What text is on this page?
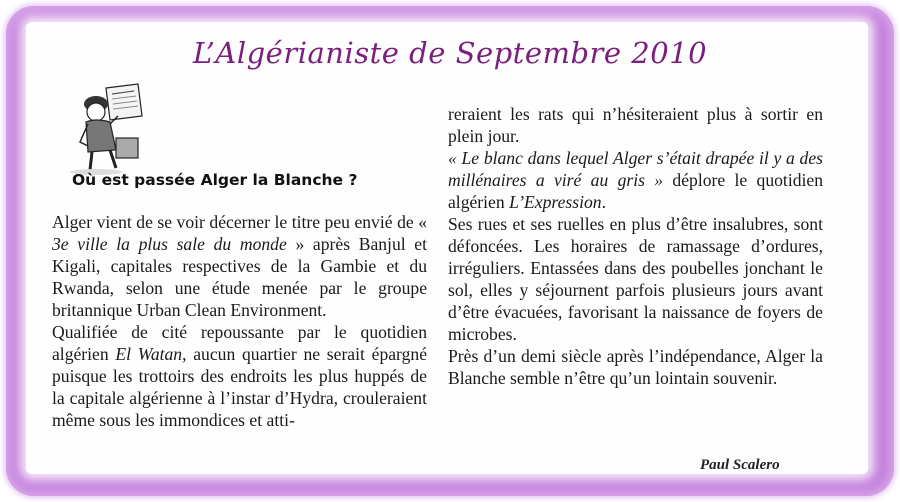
L’Algérianiste de Septembre 2010
Où est passée Alger la Blanche ?

Alger vient de se voir décerner le titre peu envié de « 3e ville la plus sale du monde » après Banjul et Kigali, capitales respectives de la Gambie et du Rwanda, selon une étude menée par le groupe britannique Urban Clean Environment.

Qualifiée de cité repoussante par le quotidien algérien El Watan, aucun quartier ne serait épargné puisque les trottoirs des endroits les plus huppés de la capitale algérienne à l’instar d’Hydra, crouleraient même sous les immondices et atti-

reraient les rats qui n’hésiteraient plus à sortir en plein jour.

« Le blanc dans lequel Alger s’était drapée il y a des millénaires a viré au gris » déplore le quotidien algérien L’Expression.

Ses rues et ses ruelles en plus d’être insalubres, sont défoncées. Les horaires de ramassage d’ordures, irréguliers. Entassées dans des poubelles jonchant le sol, elles y séjournent parfois plusieurs jours avant d’être évacuées, favorisant la naissance de foyers de microbes.

Près d’un demi siècle après l’indépendance, Alger la Blanche semble n’être qu’un lointain souvenir.

Paul Scalero
